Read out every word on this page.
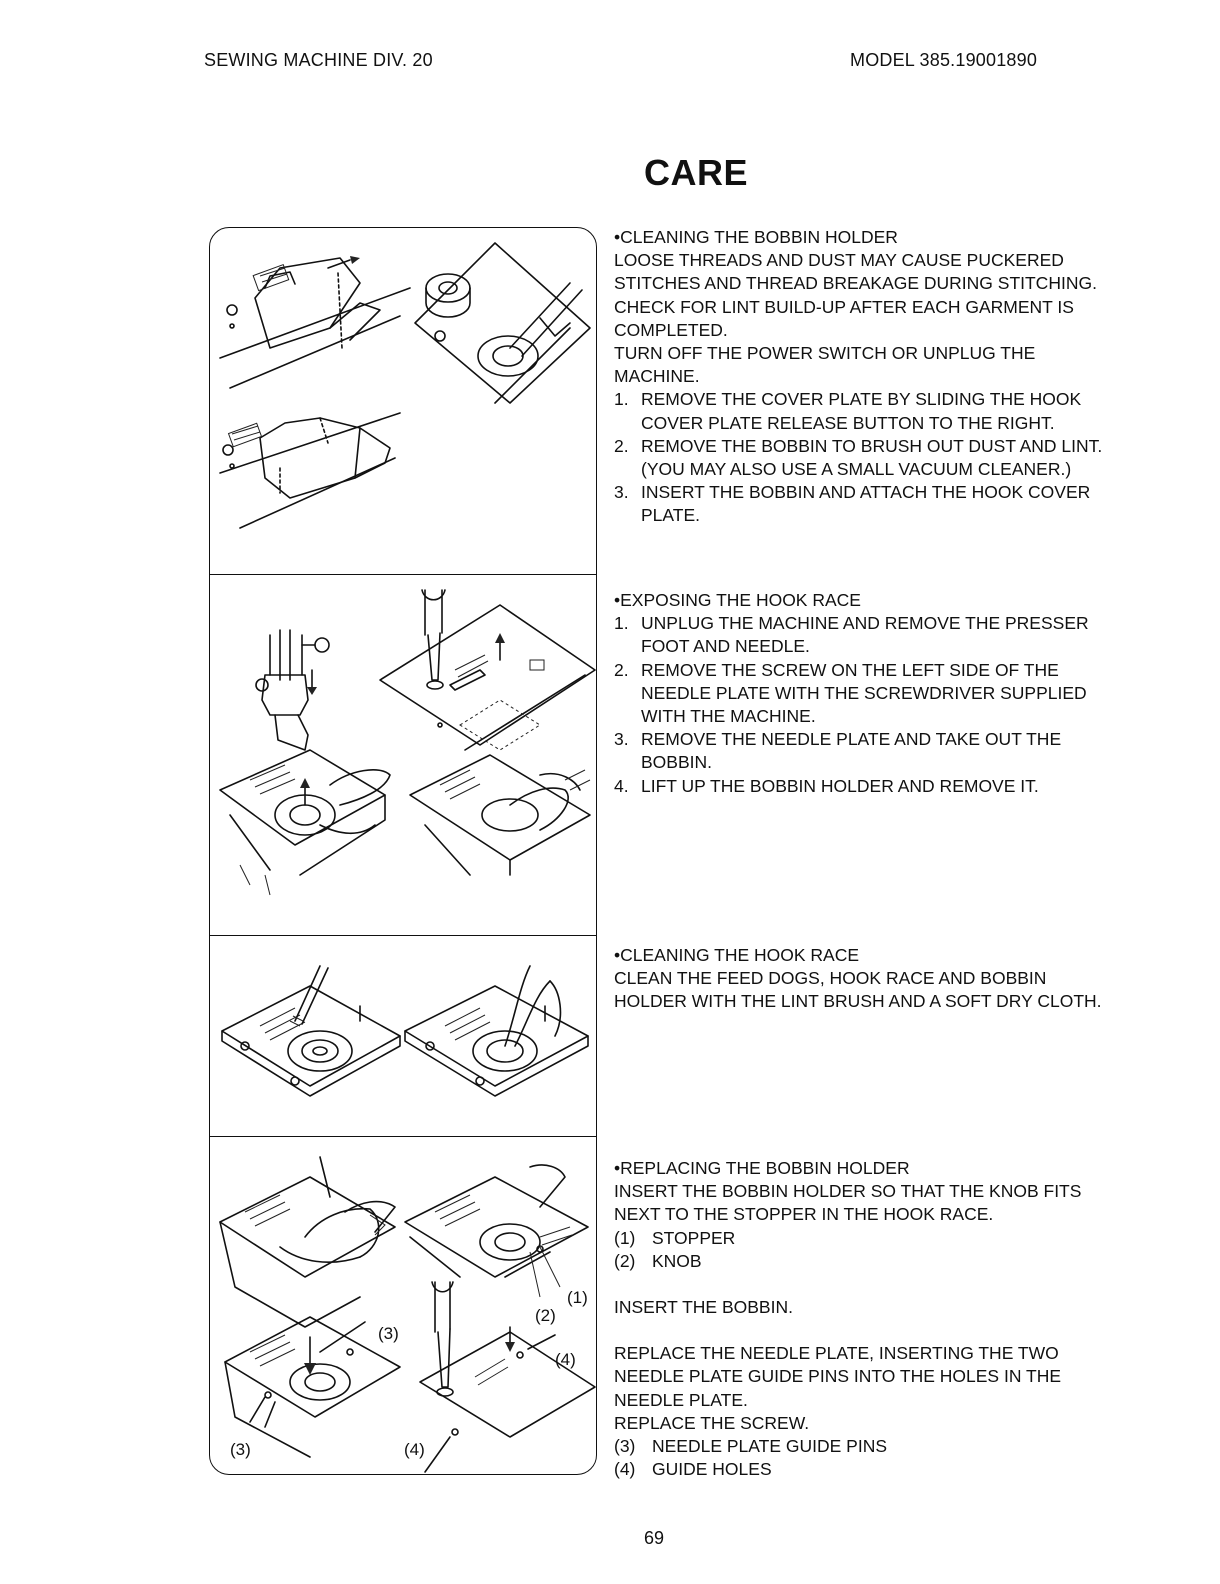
SEWING MACHINE DIV. 20	MODEL 385.19001890
CARE
(1)
(2)
(3)
(3)
(4)
(4)

•CLEANING THE BOBBIN HOLDER

LOOSE THREADS AND DUST MAY CAUSE PUCKERED STITCHES AND THREAD BREAKAGE DURING STITCHING. CHECK FOR LINT BUILD-UP AFTER EACH GARMENT IS COMPLETED.

TURN OFF THE POWER SWITCH OR UNPLUG THE MACHINE.

1. REMOVE THE COVER PLATE BY SLIDING THE HOOK COVER PLATE RELEASE BUTTON TO THE RIGHT.
2. REMOVE THE BOBBIN TO BRUSH OUT DUST AND LINT.(YOU MAY ALSO USE A SMALL VACUUM CLEANER.)
3. INSERT THE BOBBIN AND ATTACH THE HOOK COVER PLATE.

•EXPOSING THE HOOK RACE

1. UNPLUG THE MACHINE AND REMOVE THE PRESSER FOOT AND NEEDLE.
2. REMOVE THE SCREW ON THE LEFT SIDE OF THE NEEDLE PLATE WITH THE SCREWDRIVER SUPPLIED WITH THE MACHINE.
3. REMOVE THE NEEDLE PLATE AND TAKE OUT THE BOBBIN.
4. LIFT UP THE BOBBIN HOLDER AND REMOVE IT.

•CLEANING THE HOOK RACE

CLEAN THE FEED DOGS, HOOK RACE AND BOBBIN HOLDER WITH THE LINT BRUSH AND A SOFT DRY CLOTH.

•REPLACING THE BOBBIN HOLDER

INSERT THE BOBBIN HOLDER SO THAT THE KNOB FITS NEXT TO THE STOPPER IN THE HOOK RACE.

(1) STOPPER
(2) KNOB

INSERT THE BOBBIN.

REPLACE THE NEEDLE PLATE, INSERTING THE TWO NEEDLE PLATE GUIDE PINS INTO THE HOLES IN THE NEEDLE PLATE.

REPLACE THE SCREW.

(3) NEEDLE PLATE GUIDE PINS
(4) GUIDE HOLES
69
